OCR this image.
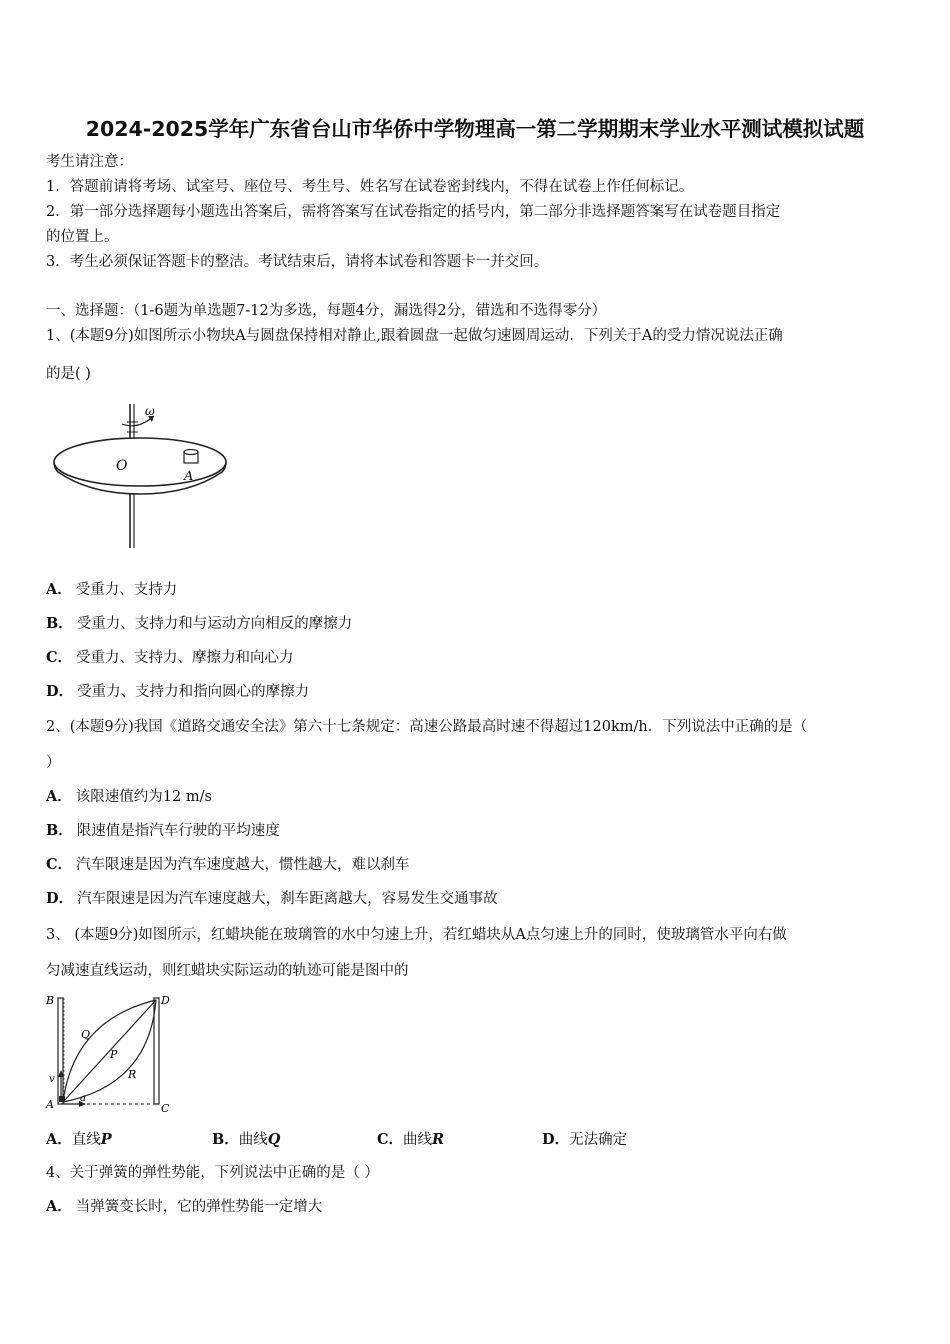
2024-2025学年广东省台山市华侨中学物理高一第二学期期末学业水平测试模拟试题
考生请注意：
1．答题前请将考场、试室号、座位号、考生号、姓名写在试卷密封线内，不得在试卷上作任何标记。
2．第一部分选择题每小题选出答案后，需将答案写在试卷指定的括号内，第二部分非选择题答案写在试卷题目指定
的位置上。
3．考生必须保证答题卡的整洁。考试结束后，请将本试卷和答题卡一并交回。
一、选择题：（1-6题为单选题7-12为多选，每题4分，漏选得2分，错选和不选得零分）
1、(本题9分)如图所示小物块A与圆盘保持相对静止,跟着圆盘一起做匀速圆周运动．下列关于A的受力情况说法正确
的是( )
ω
O
A
A． 受重力、支持力
B． 受重力、支持力和与运动方向相反的摩擦力
C． 受重力、支持力、摩擦力和向心力
D． 受重力、支持力和指向圆心的摩擦力
2、(本题9分)我国《道路交通安全法》第六十七条规定：高速公路最高时速不得超过120km/h．下列说法中正确的是（
）
A． 该限速值约为12 m/s
B． 限速值是指汽车行驶的平均速度
C． 汽车限速是因为汽车速度越大，惯性越大，难以刹车
D． 汽车限速是因为汽车速度越大，刹车距离越大，容易发生交通事故
3、 (本题9分)如图所示，红蜡块能在玻璃管的水中匀速上升，若红蜡块从A点匀速上升的同时，使玻璃管水平向右做
匀减速直线运动，则红蜡块实际运动的轨迹可能是图中的
B	D
Q
P
R
v
A	a
C
A．直线P	B．曲线Q	C．曲线R	D．无法确定
4、关于弹簧的弹性势能，下列说法中正确的是（ ）
A． 当弹簧变长时，它的弹性势能一定增大
